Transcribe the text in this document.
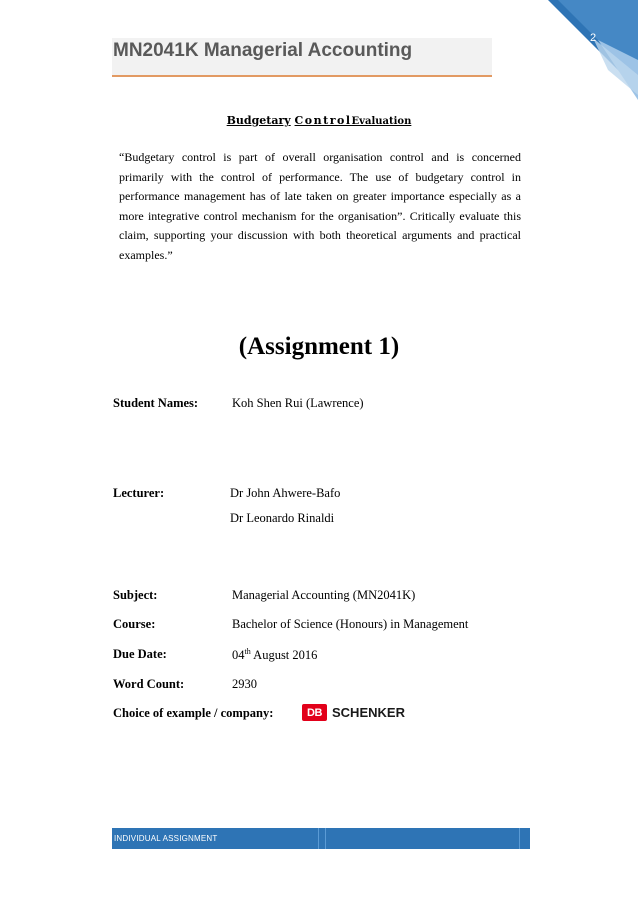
2
MN2041K Managerial Accounting
Budgetary ControlEvaluation
“Budgetary control is part of overall organisation control and is concerned primarily with the control of performance. The use of budgetary control in performance management has of late taken on greater importance especially as a more integrative control mechanism for the organisation”. Critically evaluate this claim, supporting your discussion with both theoretical arguments and practical examples.”
(Assignment 1)
Student Names:	Koh Shen Rui (Lawrence)
Lecturer:	Dr John Ahwere-Bafo
Dr Leonardo Rinaldi
Subject:	Managerial Accounting (MN2041K)
Course:	Bachelor of Science (Honours) in Management
Due Date:	04th August 2016
Word Count:	2930
Choice of example / company:	DB SCHENKER
INDIVIDUAL ASSIGNMENT
